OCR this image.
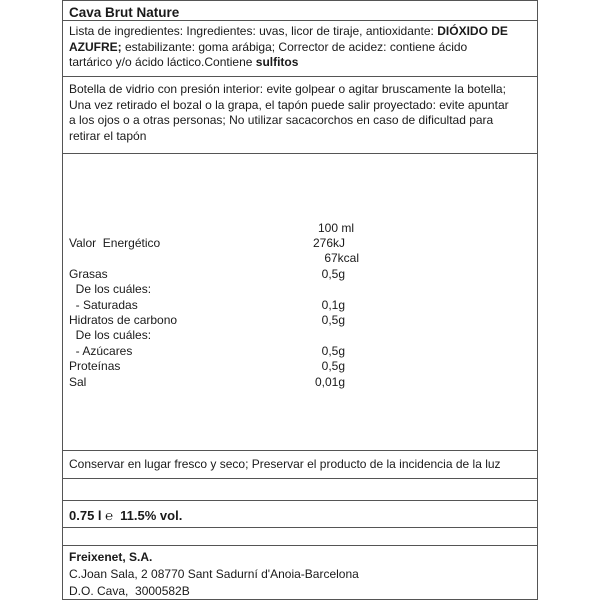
Cava Brut Nature
Lista de ingredientes: Ingredientes: uvas, licor de tiraje, antioxidante: DIÓXIDO DE
AZUFRE; estabilizante: goma arábiga; Corrector de acidez: contiene ácido
tartárico y/o ácido láctico.Contiene sulfitos
Botella de vidrio con presión interior: evite golpear o agitar bruscamente la botella;
Una vez retirado el bozal o la grapa, el tapón puede salir proyectado: evite apuntar
a los ojos o a otras personas; No utilizar sacacorchos en caso de dificultad para
retirar el tapón
100 ml
Valor  Energético	276kJ
67kcal
Grasas	0,5g
De los cuáles:
- Saturadas	0,1g
Hidratos de carbono	0,5g
De los cuáles:
- Azúcares	0,5g
Proteínas	0,5g
Sal	0,01g
Conservar en lugar fresco y seco; Preservar el producto de la incidencia de la luz
0.75 l ℮  11.5% vol.
Freixenet, S.A.
C.Joan Sala, 2 08770 Sant Sadurní d'Anoia-Barcelona
D.O. Cava,  3000582B
